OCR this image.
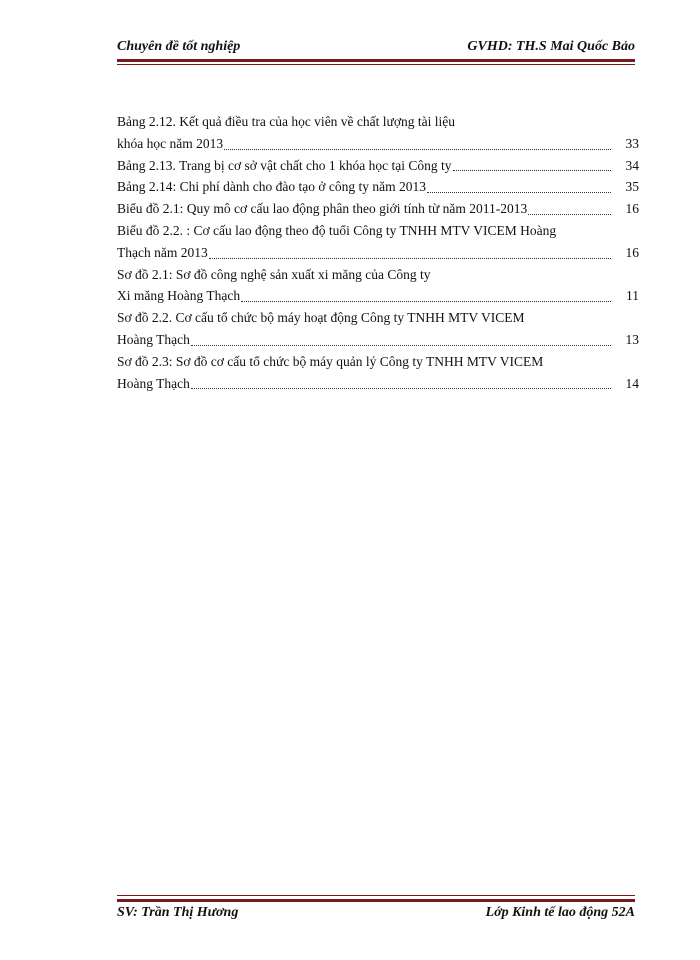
Chuyên đề tốt nghiệp	GVHD: TH.S Mai Quốc Bảo
Bảng 2.12. Kết quả điều tra của học viên về chất lượng tài liệu
khóa học năm 2013	33
Bảng 2.13. Trang bị cơ sở vật chất cho 1 khóa học tại Công ty	34
Bảng 2.14: Chi phí dành cho đào tạo ở công ty năm 2013	35
Biểu đồ 2.1: Quy mô cơ cấu lao động phân theo giới tính từ năm 2011-2013	16
Biểu đồ 2.2. : Cơ cấu lao động theo độ tuổi Công ty TNHH MTV VICEM Hoàng
Thạch năm 2013	16
Sơ đồ 2.1: Sơ đồ công nghệ sản xuất xi măng của Công ty
Xi măng Hoàng Thạch	11
Sơ đồ 2.2. Cơ cấu tổ chức bộ máy hoạt động Công ty TNHH MTV VICEM
Hoàng Thạch	13
Sơ đồ 2.3: Sơ đồ cơ cấu tổ chức bộ máy quản lý Công ty TNHH MTV VICEM
Hoàng Thạch	14
SV: Trần Thị Hương	Lớp Kinh tế lao động 52A
